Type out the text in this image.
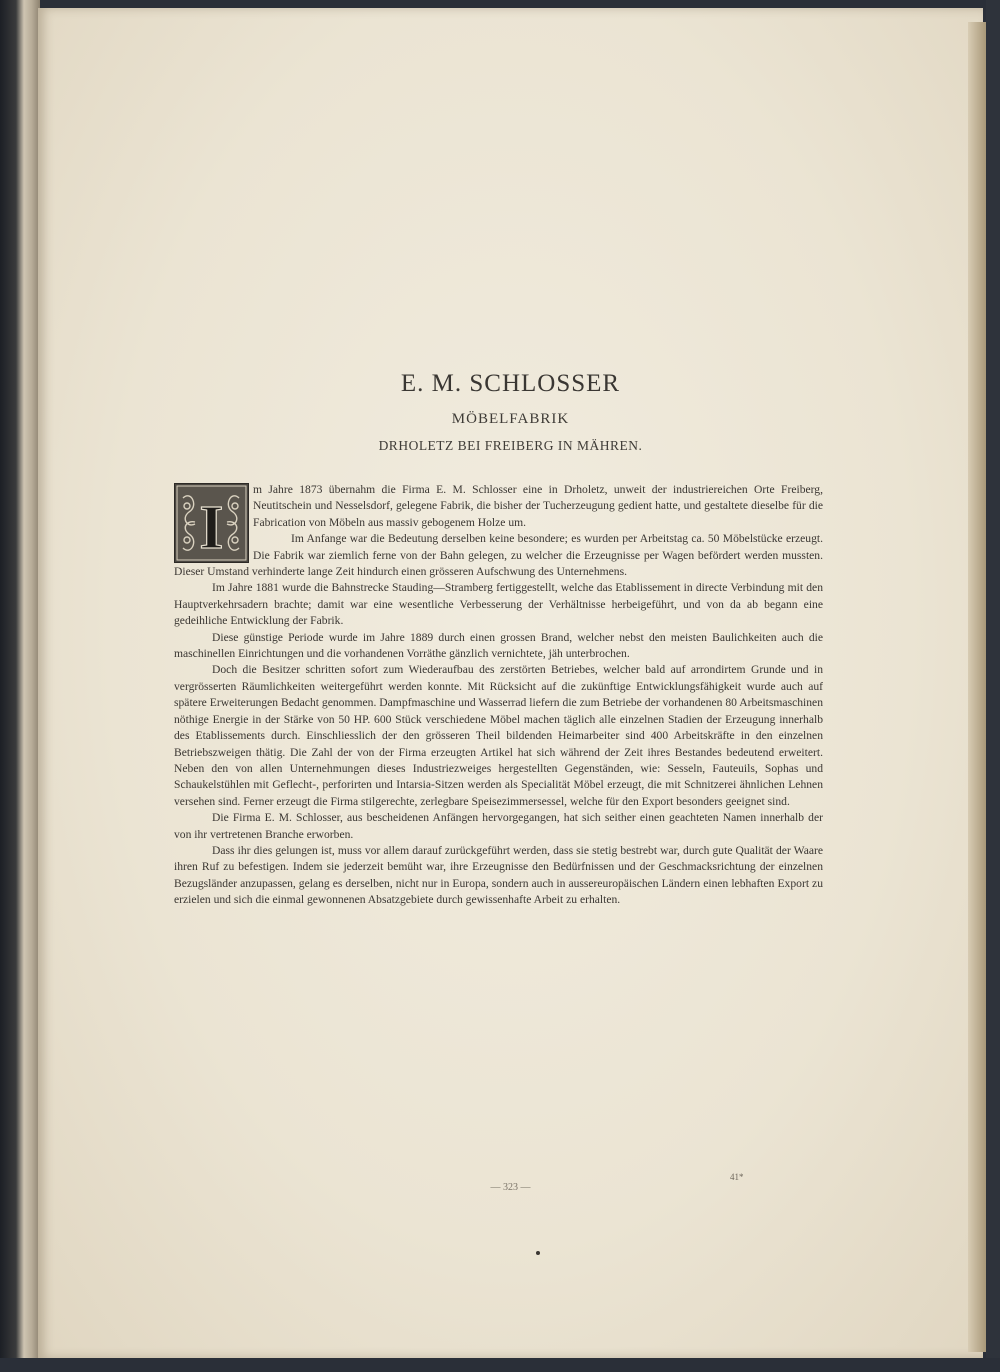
E. M. SCHLOSSER
MÖBELFABRIK
DRHOLETZ BEI FREIBERG IN MÄHREN.
I

m Jahre 1873 übernahm die Firma E. M. Schlosser eine in Drholetz, unweit der industriereichen Orte Freiberg, Neutitschein und Nesselsdorf, gelegene Fabrik, die bisher der Tucherzeugung gedient hatte, und gestaltete dieselbe für die Fabrication von Möbeln aus massiv gebogenem Holze um.

Im Anfange war die Bedeutung derselben keine besondere; es wurden per Arbeitstag ca. 50 Möbelstücke erzeugt. Die Fabrik war ziemlich ferne von der Bahn gelegen, zu welcher die Erzeugnisse per Wagen befördert werden mussten. Dieser Umstand verhinderte lange Zeit hindurch einen grösseren Aufschwung des Unternehmens.

Im Jahre 1881 wurde die Bahnstrecke Stauding—Stramberg fertiggestellt, welche das Etablissement in directe Verbindung mit den Hauptverkehrsadern brachte; damit war eine wesentliche Verbesserung der Verhältnisse herbeigeführt, und von da ab begann eine gedeihliche Entwicklung der Fabrik.

Diese günstige Periode wurde im Jahre 1889 durch einen grossen Brand, welcher nebst den meisten Baulichkeiten auch die maschinellen Einrichtungen und die vorhandenen Vorräthe gänzlich vernichtete, jäh unterbrochen.

Doch die Besitzer schritten sofort zum Wiederaufbau des zerstörten Betriebes, welcher bald auf arrondirtem Grunde und in vergrösserten Räumlichkeiten weitergeführt werden konnte. Mit Rücksicht auf die zukünftige Entwicklungsfähigkeit wurde auch auf spätere Erweiterungen Bedacht genommen. Dampfmaschine und Wasserrad liefern die zum Betriebe der vorhandenen 80 Arbeitsmaschinen nöthige Energie in der Stärke von 50 HP. 600 Stück verschiedene Möbel machen täglich alle einzelnen Stadien der Erzeugung innerhalb des Etablissements durch. Einschliesslich der den grösseren Theil bildenden Heimarbeiter sind 400 Arbeitskräfte in den einzelnen Betriebszweigen thätig. Die Zahl der von der Firma erzeugten Artikel hat sich während der Zeit ihres Bestandes bedeutend erweitert. Neben den von allen Unternehmungen dieses Industriezweiges hergestellten Gegenständen, wie: Sesseln, Fauteuils, Sophas und Schaukelstühlen mit Geflecht-, perforirten und Intarsia-Sitzen werden als Specialität Möbel erzeugt, die mit Schnitzerei ähnlichen Lehnen versehen sind. Ferner erzeugt die Firma stilgerechte, zerlegbare Speisezimmersessel, welche für den Export besonders geeignet sind.

Die Firma E. M. Schlosser, aus bescheidenen Anfängen hervorgegangen, hat sich seither einen geachteten Namen innerhalb der von ihr vertretenen Branche erworben.

Dass ihr dies gelungen ist, muss vor allem darauf zurückgeführt werden, dass sie stetig bestrebt war, durch gute Qualität der Waare ihren Ruf zu befestigen. Indem sie jederzeit bemüht war, ihre Erzeugnisse den Bedürfnissen und der Geschmacksrichtung der einzelnen Bezugsländer anzupassen, gelang es derselben, nicht nur in Europa, sondern auch in aussereuropäischen Ländern einen lebhaften Export zu erzielen und sich die einmal gewonnenen Absatzgebiete durch gewissenhafte Arbeit zu erhalten.

— 323 —
41*
